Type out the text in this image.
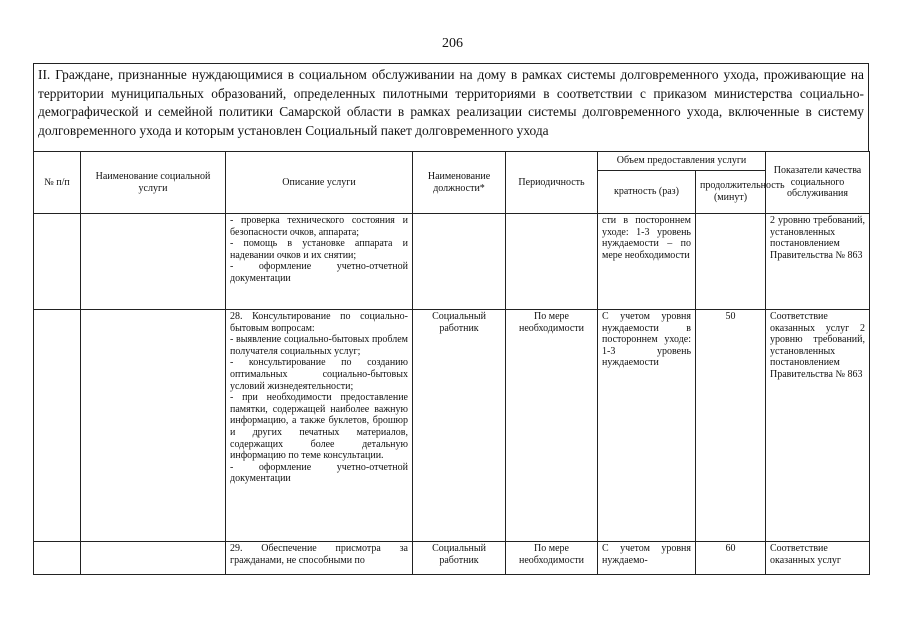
206
II. Граждане, признанные нуждающимися в социальном обслуживании на дому в рамках системы долговременного ухода, проживающие на территории муниципальных образований, определенных пилотными территориями в соответствии с приказом министерства социально-демографической и семейной политики Самарской области в рамках реализации системы долговременного ухода, включенные в систему долговременного ухода и которым установлен Социальный пакет долговременного ухода
№ п/п	Наименование социальной услуги	Описание услуги	Наименование должности*	Периодичность	Объем предоставления услуги		Показатели качества социального обслуживания
					кратность (раз)	продолжительность (минут)	

		- проверка технического состояния и безопасности очков, аппарата;
- помощь в установке аппарата и надевании очков и их снятии;
- оформление учетно-отчетной документации			сти в постороннем уходе: 1-3 уровень нуждаемости – по мере необходимости		2 уровню требований, установленных постановлением Правительства № 863

		28. Консультирование по социально-бытовым вопросам:
- выявление социально-бытовых проблем получателя социальных услуг;
- консультирование по созданию оптимальных социально-бытовых условий жизнедеятельности;
- при необходимости предоставление памятки, содержащей наиболее важную информацию, а также буклетов, брошюр и других печатных материалов, содержащих более детальную информацию по теме консультации.
- оформление учетно-отчетной документации	Социальный работник	По мере необходимости	С учетом уровня нуждаемости в постороннем уходе: 1-3 уровень нуждаемости	50	Соответствие оказанных услуг 2 уровню требований, установленных постановлением Правительства № 863

		29. Обеспечение присмотра за гражданами, не способными по	Социальный работник	По мере необходимости	С учетом уровня нуждаемо-	60	Соответствие оказанных услуг
